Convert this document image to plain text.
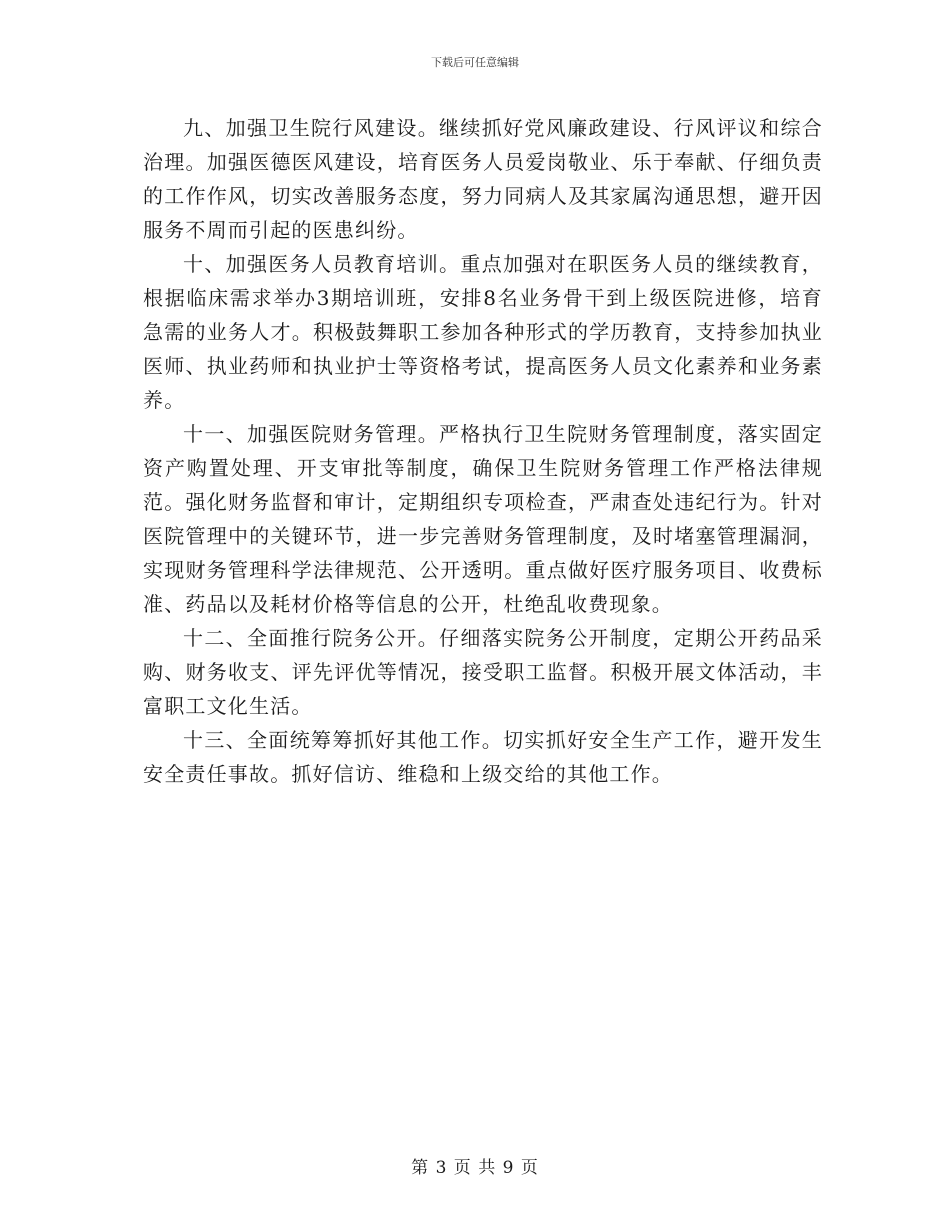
下载后可任意编辑

九、加强卫生院行风建设。继续抓好党风廉政建设、行风评议和综合治理。加强医德医风建设，培育医务人员爱岗敬业、乐于奉献、仔细负责的工作作风，切实改善服务态度，努力同病人及其家属沟通思想，避开因服务不周而引起的医患纠纷。

十、加强医务人员教育培训。重点加强对在职医务人员的继续教育，根据临床需求举办3期培训班，安排8名业务骨干到上级医院进修，培育急需的业务人才。积极鼓舞职工参加各种形式的学历教育，支持参加执业医师、执业药师和执业护士等资格考试，提高医务人员文化素养和业务素养。

十一、加强医院财务管理。严格执行卫生院财务管理制度，落实固定资产购置处理、开支审批等制度，确保卫生院财务管理工作严格法律规范。强化财务监督和审计，定期组织专项检查，严肃查处违纪行为。针对医院管理中的关键环节，进一步完善财务管理制度，及时堵塞管理漏洞，实现财务管理科学法律规范、公开透明。重点做好医疗服务项目、收费标准、药品以及耗材价格等信息的公开，杜绝乱收费现象。

十二、全面推行院务公开。仔细落实院务公开制度，定期公开药品采购、财务收支、评先评优等情况，接受职工监督。积极开展文体活动，丰富职工文化生活。

十三、全面统筹筹抓好其他工作。切实抓好安全生产工作，避开发生安全责任事故。抓好信访、维稳和上级交给的其他工作。

第 3 页 共 9 页
